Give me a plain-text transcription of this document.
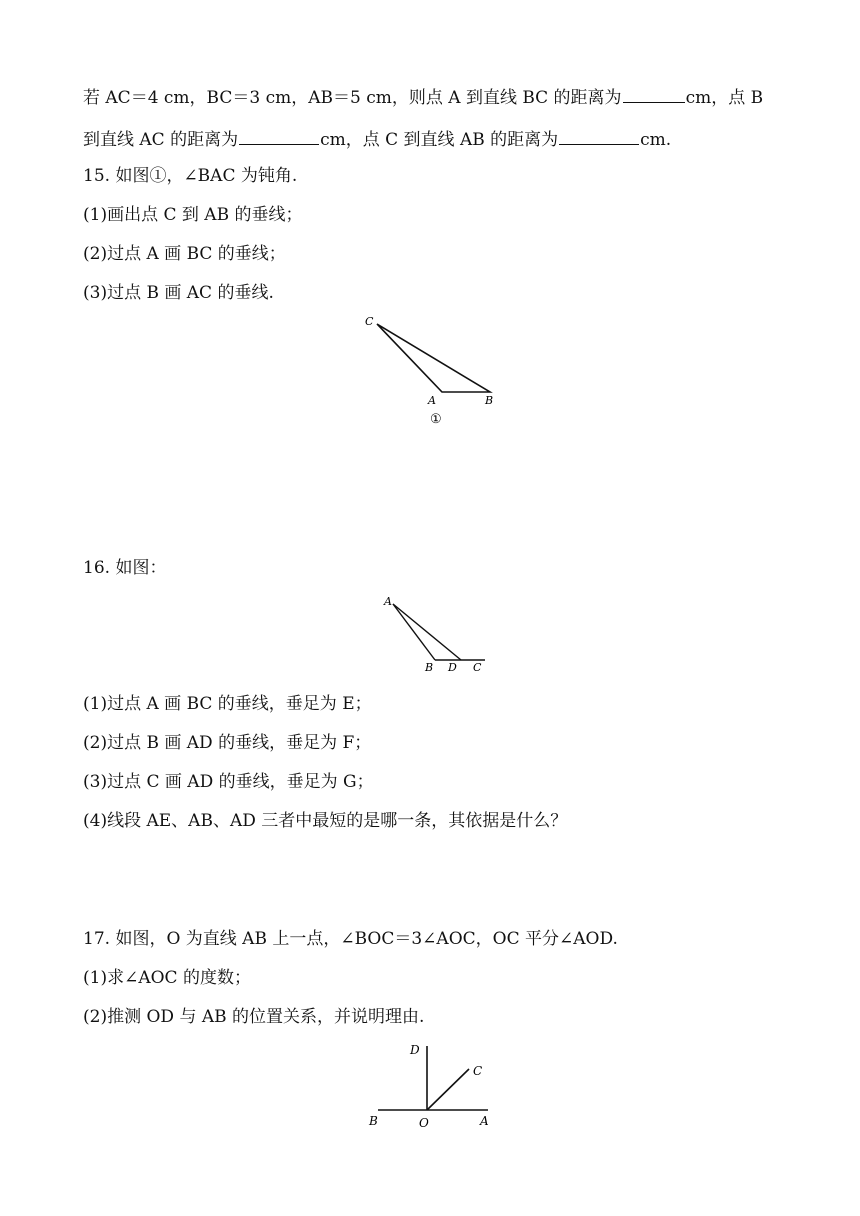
若 AC＝4 cm，BC＝3 cm，AB＝5 cm，则点 A 到直线 BC 的距离为	cm，点 B
到直线 AC 的距离为	cm，点 C 到直线 AB 的距离为	cm.
15. 如图①，∠BAC 为钝角.
(1)画出点 C 到 AB 的垂线；
(2)过点 A 画 BC 的垂线；
(3)过点 B 画 AC 的垂线.
C
A	B
①
16. 如图：
A
B D C
(1)过点 A 画 BC 的垂线，垂足为 E；
(2)过点 B 画 AD 的垂线，垂足为 F；
(3)过点 C 画 AD 的垂线，垂足为 G；
(4)线段 AE、AB、AD 三者中最短的是哪一条，其依据是什么？
17. 如图，O 为直线 AB 上一点，∠BOC＝3∠AOC，OC 平分∠AOD.
(1)求∠AOC 的度数；
(2)推测 OD 与 AB 的位置关系，并说明理由.
D
C
B	O	A
